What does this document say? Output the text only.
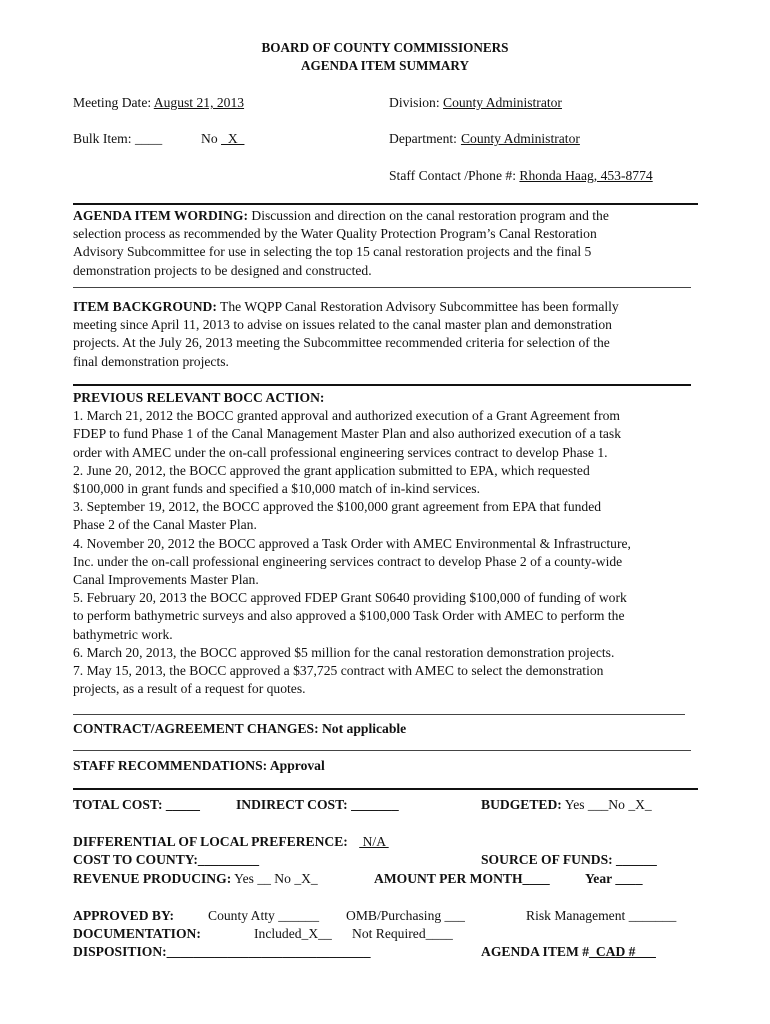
BOARD OF COUNTY COMMISSIONERS
AGENDA ITEM SUMMARY
Meeting Date: August 21, 2013	Division: County Administrator
Bulk Item: ____	No   X	Department: County Administrator
Staff Contact /Phone #: Rhonda Haag, 453-8774
AGENDA ITEM WORDING: Discussion and direction on the canal restoration program and the
selection process as recommended by the Water Quality Protection Program’s Canal Restoration
Advisory Subcommittee for use in selecting the top 15 canal restoration projects and the final 5
demonstration projects to be designed and constructed.
ITEM BACKGROUND: The WQPP Canal Restoration Advisory Subcommittee has been formally
meeting since April 11, 2013 to advise on issues related to the canal master plan and demonstration
projects. At the July 26, 2013 meeting the Subcommittee recommended criteria for selection of the
final demonstration projects.
PREVIOUS RELEVANT BOCC ACTION:
1. March 21, 2012 the BOCC granted approval and authorized execution of a Grant Agreement from
FDEP to fund Phase 1 of the Canal Management Master Plan and also authorized execution of a task
order with AMEC under the on-call professional engineering services contract to develop Phase 1.
2. June 20, 2012, the BOCC approved the grant application submitted to EPA, which requested
$100,000 in grant funds and specified a $10,000 match of in-kind services.
3. September 19, 2012, the BOCC approved the $100,000 grant agreement from EPA that funded
Phase 2 of the Canal Master Plan.
4. November 20, 2012 the BOCC approved a Task Order with AMEC Environmental & Infrastructure,
Inc. under the on-call professional engineering services contract to develop Phase 2 of a county-wide
Canal Improvements Master Plan.
5. February 20, 2013 the BOCC approved FDEP Grant S0640 providing $100,000 of funding of work
to perform bathymetric surveys and also approved a $100,000 Task Order with AMEC to perform the
bathymetric work.
6. March 20, 2013, the BOCC approved $5 million for the canal restoration demonstration projects.
7. May 15, 2013, the BOCC approved a $37,725 contract with AMEC to select the demonstration
projects, as a result of a request for quotes.
CONTRACT/AGREEMENT CHANGES: Not applicable
STAFF RECOMMENDATIONS: Approval
TOTAL COST: _____	INDIRECT COST: _______	BUDGETED: Yes ___No _X_
DIFFERENTIAL OF LOCAL PREFERENCE:  N/A
COST TO COUNTY:_________	SOURCE OF FUNDS: ______
REVENUE PRODUCING: Yes __ No _X_	AMOUNT PER MONTH____	Year ____
APPROVED BY: County Atty ______ OMB/Purchasing ___	Risk Management _______
DOCUMENTATION:	Included_X__ Not Required____
DISPOSITION:______________________________	AGENDA ITEM #_CAD #___
